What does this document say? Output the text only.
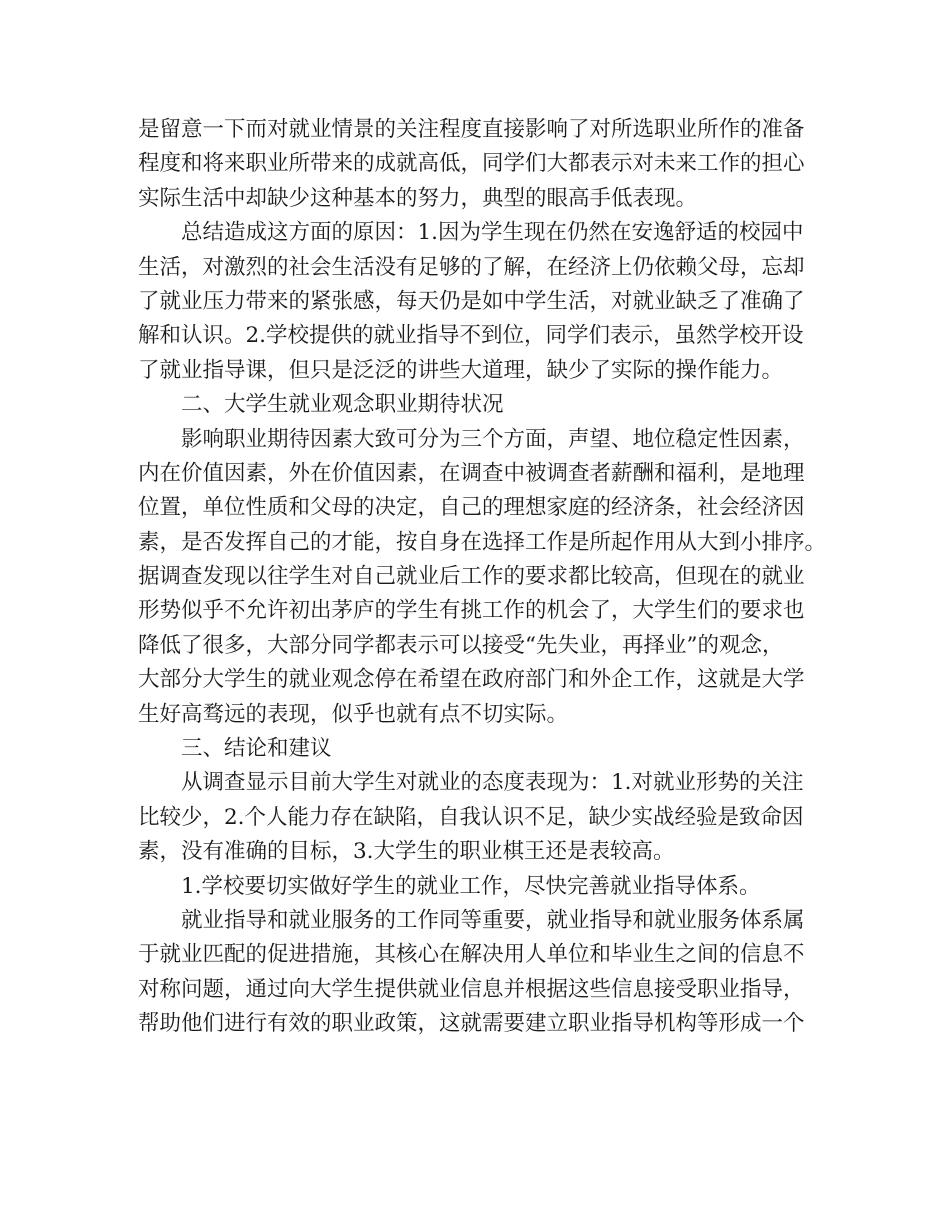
是留意一下而对就业情景的关注程度直接影响了对所选职业所作的准备
程度和将来职业所带来的成就高低，同学们大都表示对未来工作的担心
实际生活中却缺少这种基本的努力，典型的眼高手低表现。
总结造成这方面的原因：1.因为学生现在仍然在安逸舒适的校园中
生活，对激烈的社会生活没有足够的了解，在经济上仍依赖父母，忘却
了就业压力带来的紧张感，每天仍是如中学生活，对就业缺乏了准确了
解和认识。2.学校提供的就业指导不到位，同学们表示，虽然学校开设
了就业指导课，但只是泛泛的讲些大道理，缺少了实际的操作能力。
二、大学生就业观念职业期待状况
影响职业期待因素大致可分为三个方面，声望、地位稳定性因素，
内在价值因素，外在价值因素，在调查中被调查者薪酬和福利，是地理
位置，单位性质和父母的决定，自己的理想家庭的经济条，社会经济因
素，是否发挥自己的才能，按自身在选择工作是所起作用从大到小排序。
据调查发现以往学生对自己就业后工作的要求都比较高，但现在的就业
形势似乎不允许初出茅庐的学生有挑工作的机会了，大学生们的要求也
降低了很多，大部分同学都表示可以接受“先失业，再择业”的观念，
大部分大学生的就业观念停在希望在政府部门和外企工作，这就是大学
生好高骛远的表现，似乎也就有点不切实际。
三、结论和建议
从调查显示目前大学生对就业的态度表现为：1.对就业形势的关注
比较少，2.个人能力存在缺陷，自我认识不足，缺少实战经验是致命因
素，没有准确的目标，3.大学生的职业棋王还是表较高。
1.学校要切实做好学生的就业工作，尽快完善就业指导体系。
就业指导和就业服务的工作同等重要，就业指导和就业服务体系属
于就业匹配的促进措施，其核心在解决用人单位和毕业生之间的信息不
对称问题，通过向大学生提供就业信息并根据这些信息接受职业指导，
帮助他们进行有效的职业政策，这就需要建立职业指导机构等形成一个
